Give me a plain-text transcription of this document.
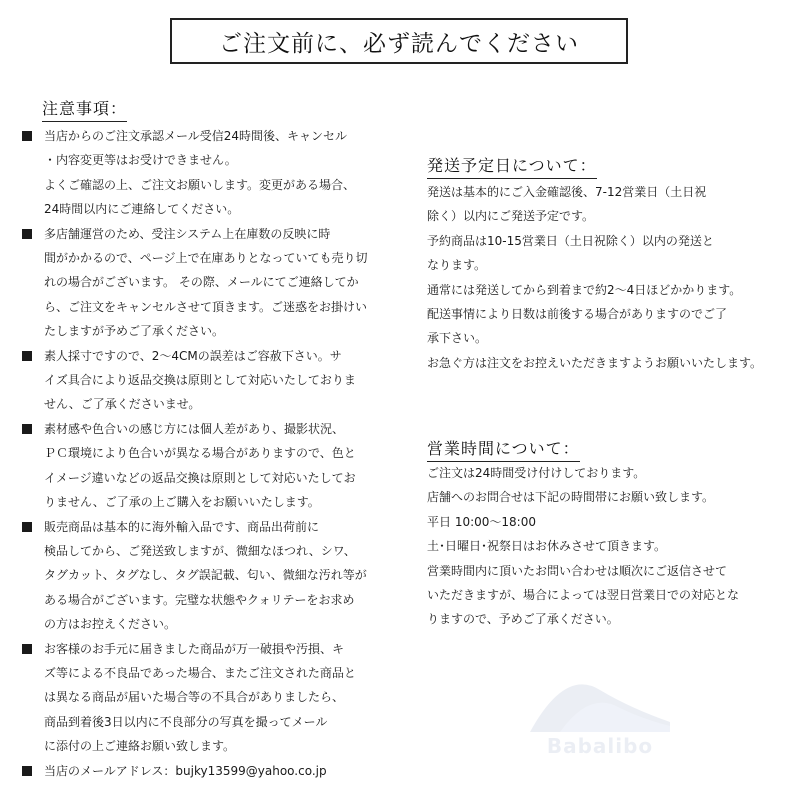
ご注文前に、必ず読んでください
注意事項：
当店からのご注文承認メール受信24時間後、キャンセル
・内容変更等はお受けできません。
よくご確認の上、ご注文お願いします。変更がある場合、
24時間以内にご連絡してください。
多店舗運営のため、受注システム上在庫数の反映に時
間がかかるので、ページ上で在庫ありとなっていても売り切
れの場合がございます。 その際、メールにてご連絡してか
ら、ご注文をキャンセルさせて頂きます。ご迷惑をお掛けい
たしますが予めご了承ください。
素人採寸ですので、2～4CMの誤差はご容赦下さい。サ
イズ具合により返品交換は原則として対応いたしておりま
せん、ご了承くださいませ。
素材感や色合いの感じ方には個人差があり、撮影状況、
ＰＣ環境により色合いが異なる場合がありますので、色と
イメージ違いなどの返品交換は原則として対応いたしてお
りません、ご了承の上ご購入をお願いいたします。
販売商品は基本的に海外輸入品です、商品出荷前に
検品してから、ご発送致しますが、微細なほつれ、シワ、
タグカット、タグなし、タグ誤記載、匂い、微細な汚れ等が
ある場合がございます。完璧な状態やクォリテーをお求め
の方はお控えください。
お客様のお手元に届きました商品が万一破損や汚損、キ
ズ等による不良品であった場合、またご注文された商品と
は異なる商品が届いた場合等の不具合がありましたら、
商品到着後3日以内に不良部分の写真を撮ってメール
に添付の上ご連絡お願い致します。
当店のメールアドレス：bujky13599@yahoo.co.jp
発送予定日について：
発送は基本的にご入金確認後、7-12営業日（土日祝
除く）以内にご発送予定です。
予約商品は10-15営業日（土日祝除く）以内の発送と
なります。
通常には発送してから到着まで約2～4日ほどかかります。
配送事情により日数は前後する場合がありますのでご了
承下さい。
お急ぐ方は注文をお控えいただきますようお願いいたします。
営業時間について：
ご注文は24時間受け付けしております。
店舗へのお問合せは下記の時間帯にお願い致します。
平日 10:00～18:00
土･日曜日･祝祭日はお休みさせて頂きます。
営業時間内に頂いたお問い合わせは順次にご返信させて
いただきますが、場合によっては翌日営業日での対応とな
りますので、予めご了承ください。
Babalibo
